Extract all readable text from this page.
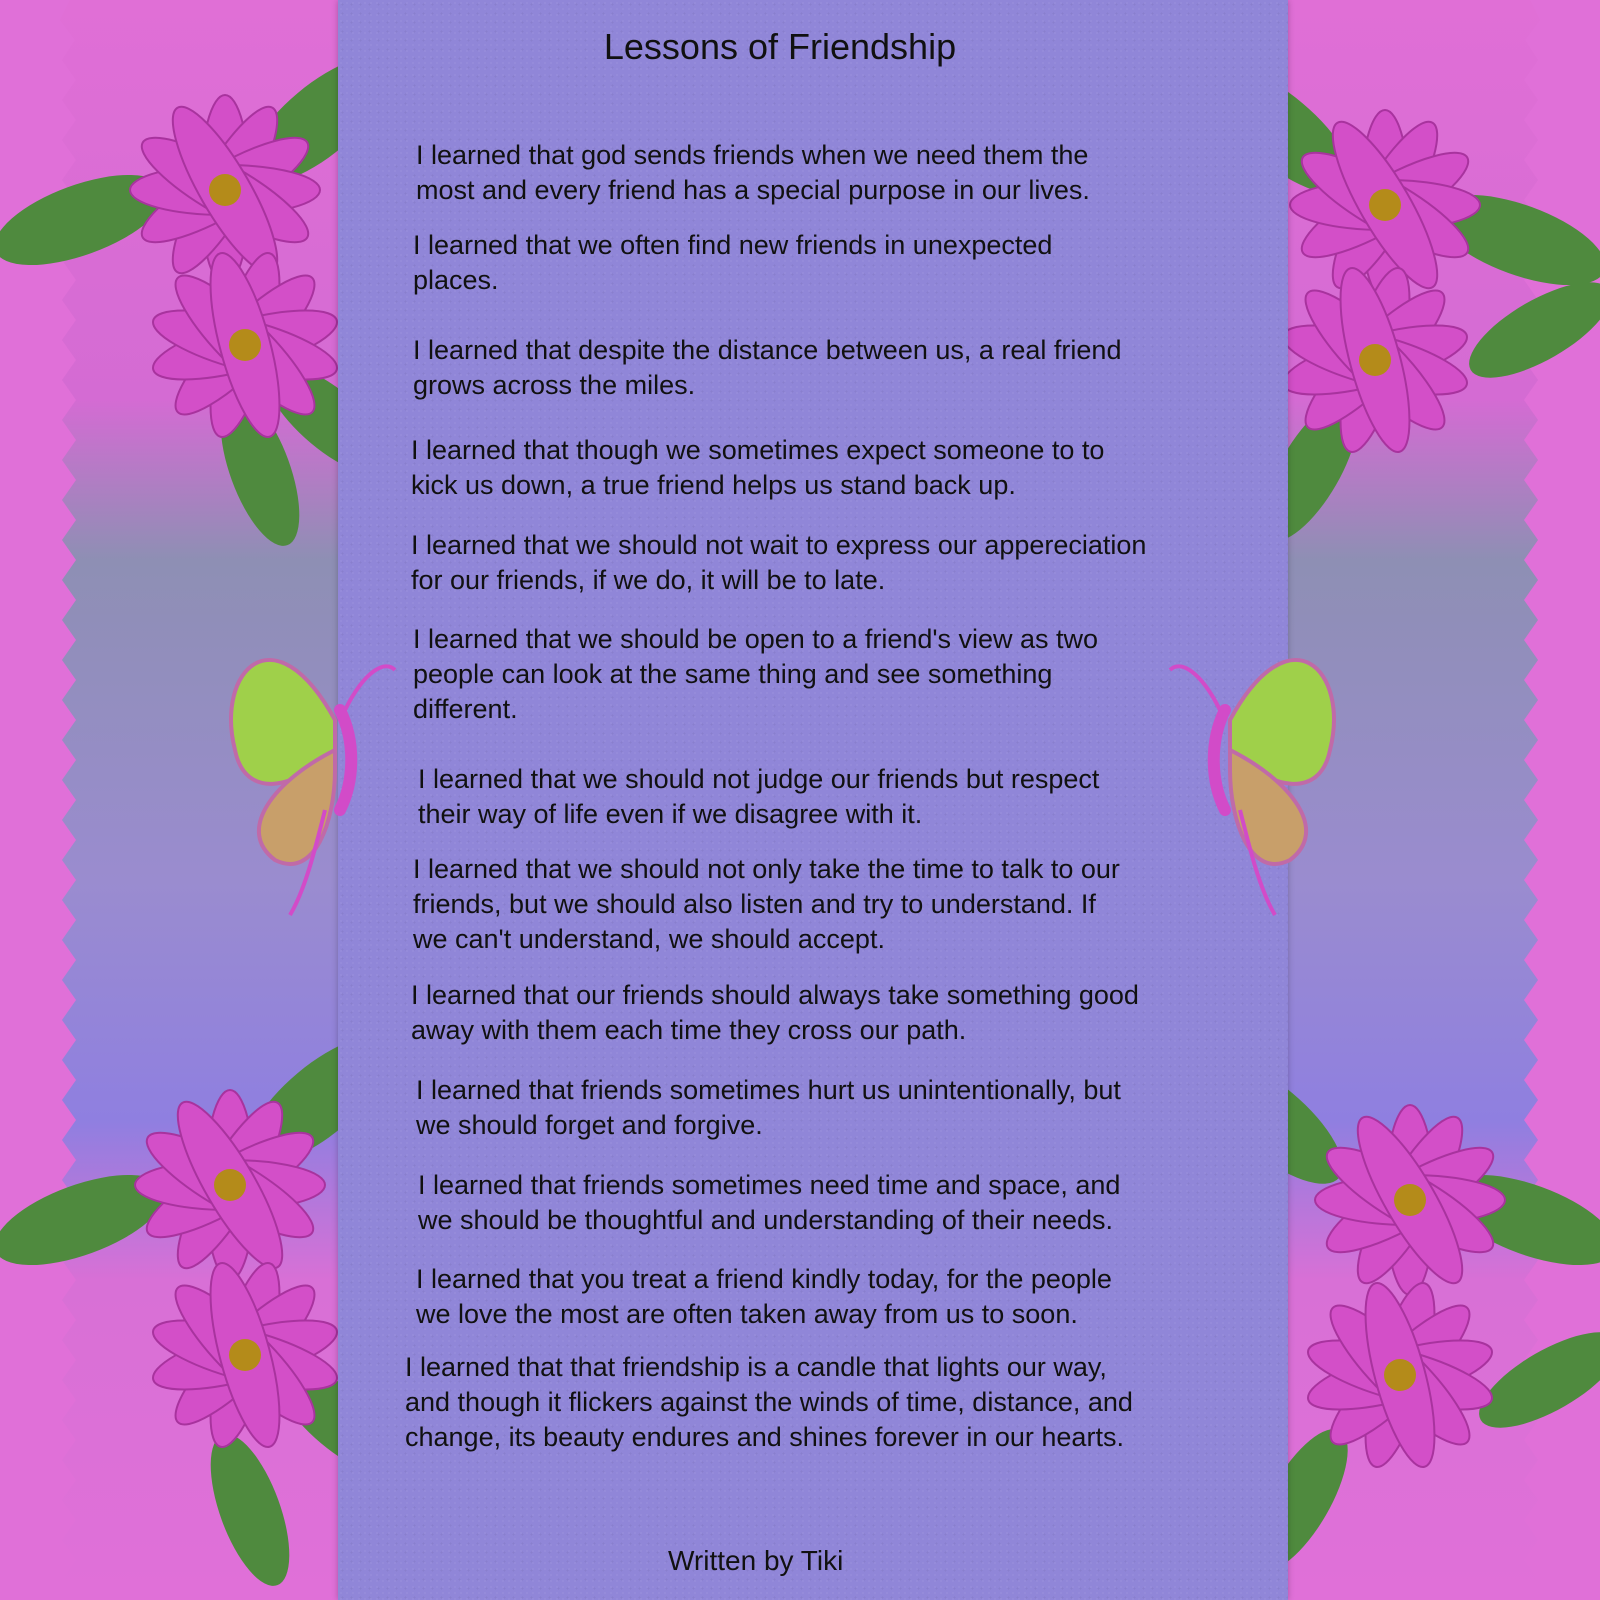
Lessons of Friendship
I learned that god sends friends when we need them the
most and every friend has a special purpose in our lives.
I learned that we often find new friends in unexpected
places.
I learned that despite the distance between us, a real friend
grows across the miles.
I learned that though we sometimes expect someone to to
kick us down, a true friend helps us stand back up.
I learned that we should not wait to express our appereciation
for our friends, if we do, it will be to late.
I learned that we should be open to a friend's view as two
people can look at the same thing and see something
different.
I learned that we should not judge our friends but respect
their way of life even if we disagree with it.
I learned that we should not only take the time to talk to our
friends, but we should also listen and try to understand. If
we can't understand, we should accept.
I learned that our friends should always take something good
away with them each time they cross our path.
I learned that friends sometimes hurt us unintentionally, but
we should forget and forgive.
I learned that friends sometimes need time and space, and
we should be thoughtful and understanding of their needs.
I learned that you treat a friend kindly today, for the people
we love the most are often taken away from us to soon.
I learned that that friendship is a candle that lights our way,
and though it flickers against the winds of time, distance, and
change, its beauty endures and shines forever in our hearts.
Written by Tiki
